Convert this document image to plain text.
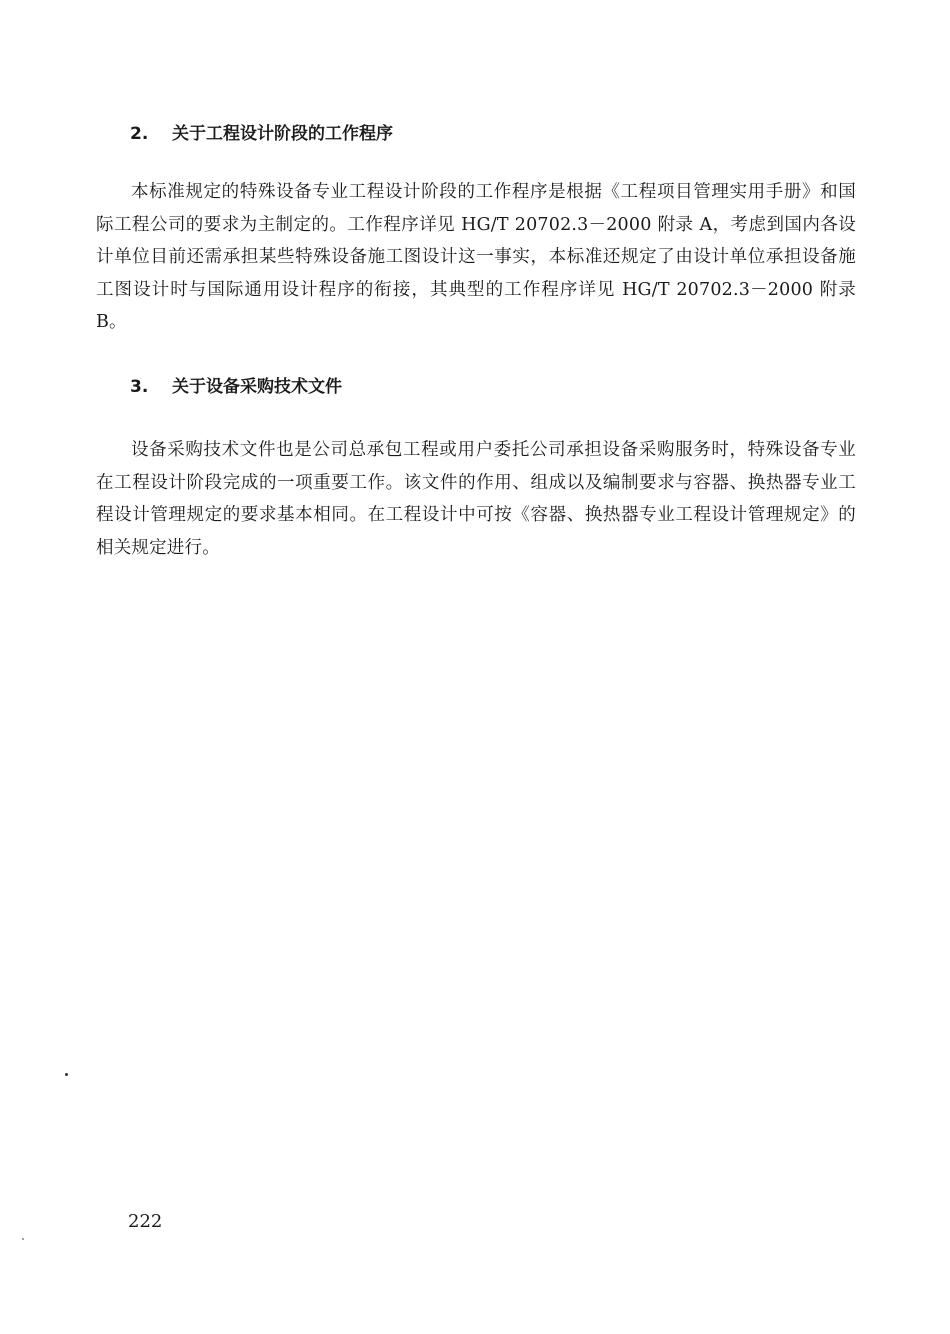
2.	关于工程设计阶段的工作程序

本标准规定的特殊设备专业工程设计阶段的工作程序是根据《工程项目管理实用手册》和国际工程公司的要求为主制定的。工作程序详见 HG/T 20702.3－2000 附录 A，考虑到国内各设计单位目前还需承担某些特殊设备施工图设计这一事实，本标准还规定了由设计单位承担设备施工图设计时与国际通用设计程序的衔接，其典型的工作程序详见 HG/T 20702.3－2000 附录 B。

3.	关于设备采购技术文件

设备采购技术文件也是公司总承包工程或用户委托公司承担设备采购服务时，特殊设备专业在工程设计阶段完成的一项重要工作。该文件的作用、组成以及编制要求与容器、换热器专业工程设计管理规定的要求基本相同。在工程设计中可按《容器、换热器专业工程设计管理规定》的相关规定进行。

222
